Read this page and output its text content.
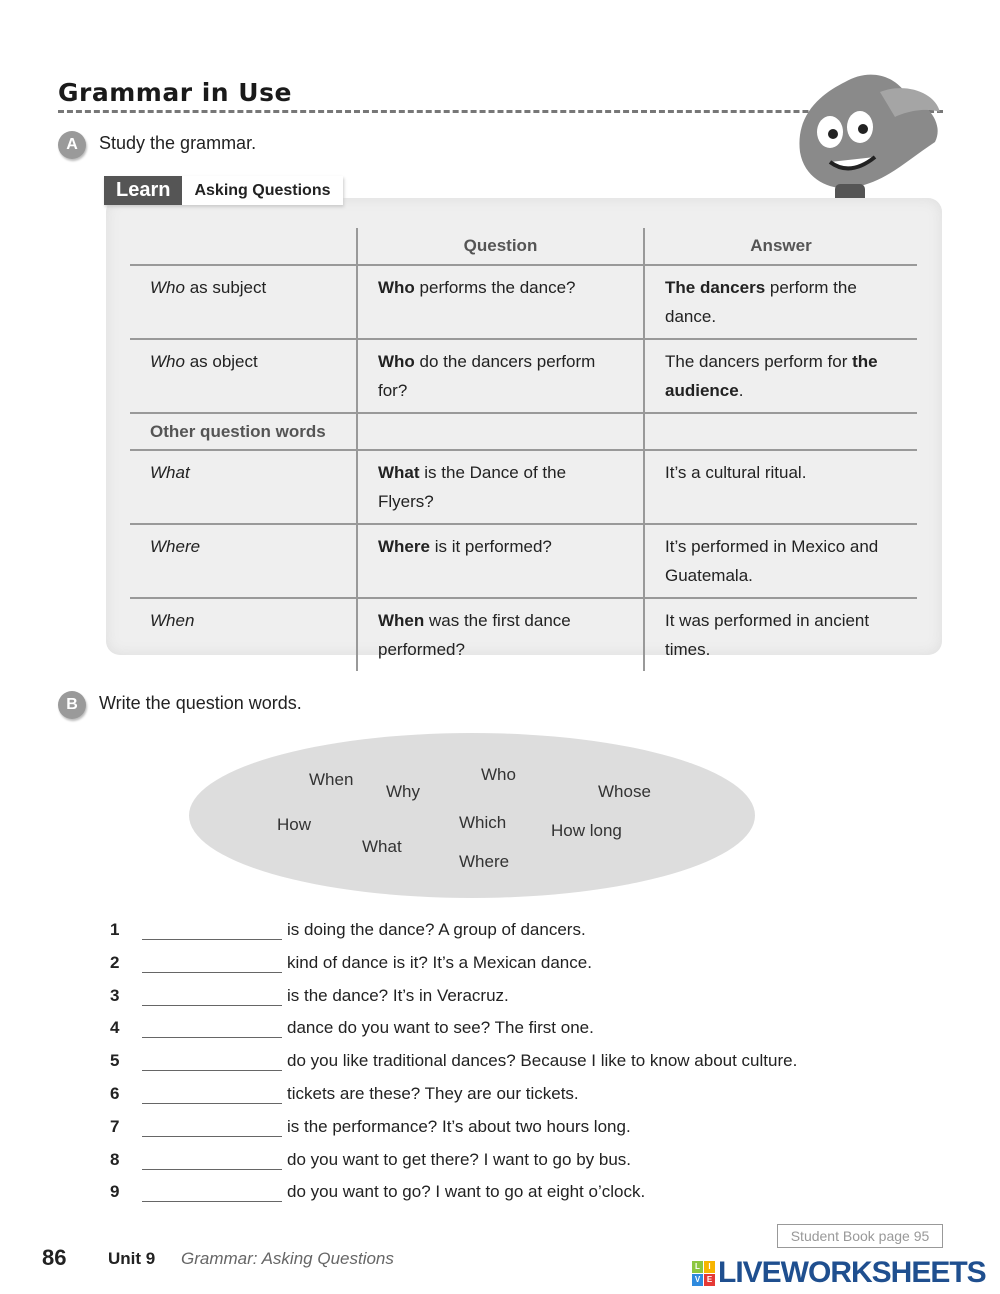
Grammar in Use
A	Study the grammar.
Learn	Asking Questions
	Question	Answer
Who as subject	Who performs the dance?	The dancers perform the dance.
Who as object	Who do the dancers perform for?	The dancers perform for the audience.
Other question words		
What	What is the Dance of the Flyers?	It’s a cultural ritual.
Where	Where is it performed?	It’s performed in Mexico and Guatemala.
When	When was the first dance performed?	It was performed in ancient times.
B	Write the question words.
When
Why
Who
Whose
How
What
Which	How long
Where
1	is doing the dance? A group of dancers.
2	kind of dance is it? It’s a Mexican dance.
3	is the dance? It’s in Veracruz.
4	dance do you want to see? The first one.
5	do you like traditional dances? Because I like to know about culture.
6	tickets are these? They are our tickets.
7	is the performance? It’s about two hours long.
8	do you want to get there? I want to go by bus.
9	do you want to go? I want to go at eight o’clock.
86 Unit 9 Grammar: Asking Questions
Student Book page 95
L	I
V E LIVEWORKSHEETS
